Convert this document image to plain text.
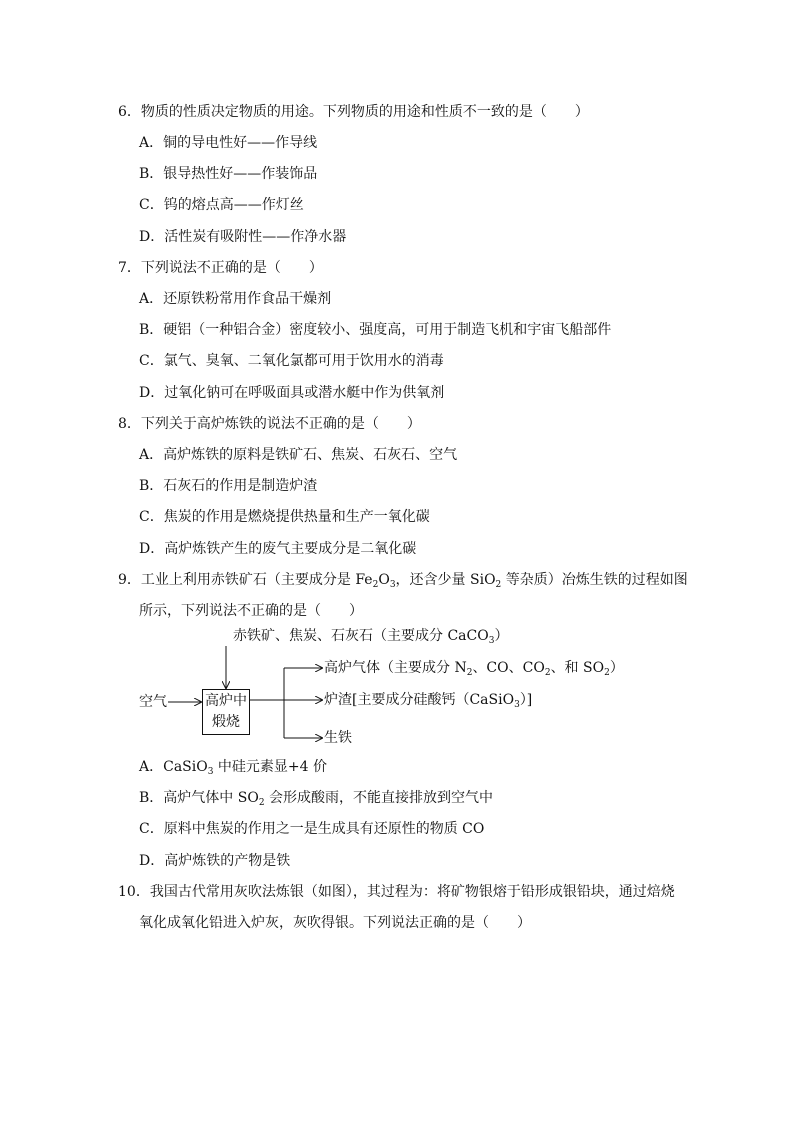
6．物质的性质决定物质的用途。下列物质的用途和性质不一致的是（　　）
A．铜的导电性好——作导线
B．银导热性好——作装饰品
C．钨的熔点高——作灯丝
D．活性炭有吸附性——作净水器
7．下列说法不正确的是（　　）
A．还原铁粉常用作食品干燥剂
B．硬铝（一种铝合金）密度较小、强度高，可用于制造飞机和宇宙飞船部件
C．氯气、臭氧、二氧化氯都可用于饮用水的消毒
D．过氧化钠可在呼吸面具或潜水艇中作为供氧剂
8．下列关于高炉炼铁的说法不正确的是（　　）
A．高炉炼铁的原料是铁矿石、焦炭、石灰石、空气
B．石灰石的作用是制造炉渣
C．焦炭的作用是燃烧提供热量和生产一氧化碳
D．高炉炼铁产生的废气主要成分是二氧化碳
9．工业上利用赤铁矿石（主要成分是 $Fe_2O_3$，还含少量 SiO$_2$ 等杂质）冶炼生铁的过程如图
所示，下列说法不正确的是（　　）
赤铁矿、焦炭、石灰石（主要成分 CaCO$_3$）
空气	高炉中
煅烧
高炉气体（主要成分 $N_2$、CO、$CO_2$、和 $SO_2$）
炉渣[主要成分硅酸钙（CaSiO$_3$）]
生铁
A．CaSiO$_3$ 中硅元素显+4 价
B．高炉气体中 $SO_2$ 会形成酸雨，不能直接排放到空气中
C．原料中焦炭的作用之一是生成具有还原性的物质 CO
D．高炉炼铁的产物是铁
10．我国古代常用灰吹法炼银（如图），其过程为：将矿物银熔于铅形成银铅块，通过焙烧
氧化成氧化铅进入炉灰，灰吹得银。下列说法正确的是（　　）
